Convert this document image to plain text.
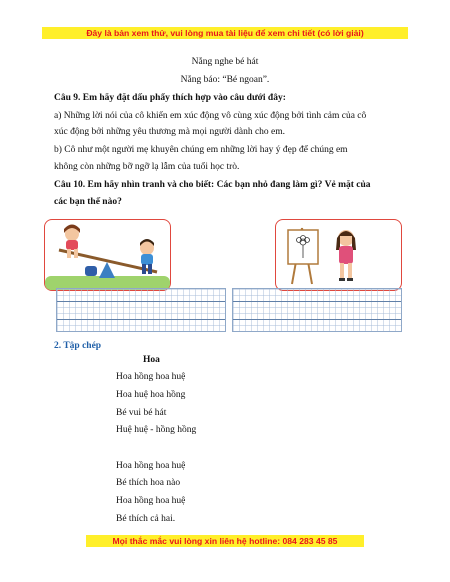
Đây là bản xem thử, vui lòng mua tài liệu để xem chi tiết (có lời giải)
Nắng nghe bé hát
Nắng báo: “Bé ngoan”.
Câu 9. Em hãy đặt dấu phẩy thích hợp vào câu dưới đây:
a) Những lời nói của cô khiến em xúc động vô cùng xúc động bởi tình cảm của cô
xúc động bởi những yêu thương mà mọi người dành cho em.
b) Cô như một người mẹ khuyên chúng em những lời hay ý đẹp để chúng em
không còn những bỡ ngỡ lạ lẫm của tuổi học trò.
Câu 10. Em hãy nhìn tranh và cho biết: Các bạn nhỏ đang làm gì? Vẻ mặt của
các bạn thế nào?
2. Tập chép
Hoa
Hoa hồng hoa huệ
Hoa huệ hoa hồng
Bé vui bé hát
Huệ huệ - hồng hồng
Hoa hồng hoa huệ
Bé thích hoa nào
Hoa hồng hoa huệ
Bé thích cả hai.
Mọi thắc mắc vui lòng xin liên hệ hotline: 084 283 45 85
